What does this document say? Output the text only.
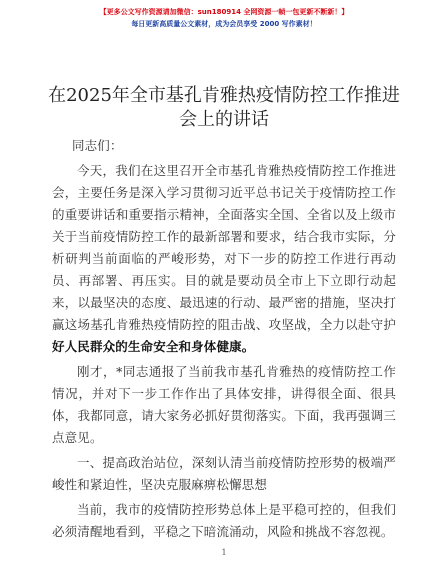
【更多公文写作资源请加微信：sun180914 全网资源一帧一包更新不断新！】
每日更新高质量公文素材，成为会员享受 2000 写作素材！
在2025年全市基孔肯雅热疫情防控工作推进会上的讲话

同志们：

今天，我们在这里召开全市基孔肯雅热疫情防控工作推进会，主要任务是深入学习贯彻习近平总书记关于疫情防控工作的重要讲话和重要指示精神，全面落实全国、全省以及上级市关于当前疫情防控工作的最新部署和要求，结合我市实际，分析研判当前面临的严峻形势，对下一步的防控工作进行再动员、再部署、再压实。目的就是要动员全市上下立即行动起来，以最坚决的态度、最迅速的行动、最严密的措施，坚决打赢这场基孔肯雅热疫情防控的阻击战、攻坚战，全力以赴守护好人民群众的生命安全和身体健康。

刚才，*同志通报了当前我市基孔肯雅热的疫情防控工作情况，并对下一步工作作出了具体安排，讲得很全面、很具体，我都同意，请大家务必抓好贯彻落实。下面，我再强调三点意见。

一、提高政治站位，深刻认清当前疫情防控形势的极端严峻性和紧迫性，坚决克服麻痹松懈思想

当前，我市的疫情防控形势总体上是平稳可控的，但我们必须清醒地看到，平稳之下暗流涌动，风险和挑战不容忽视。

1
